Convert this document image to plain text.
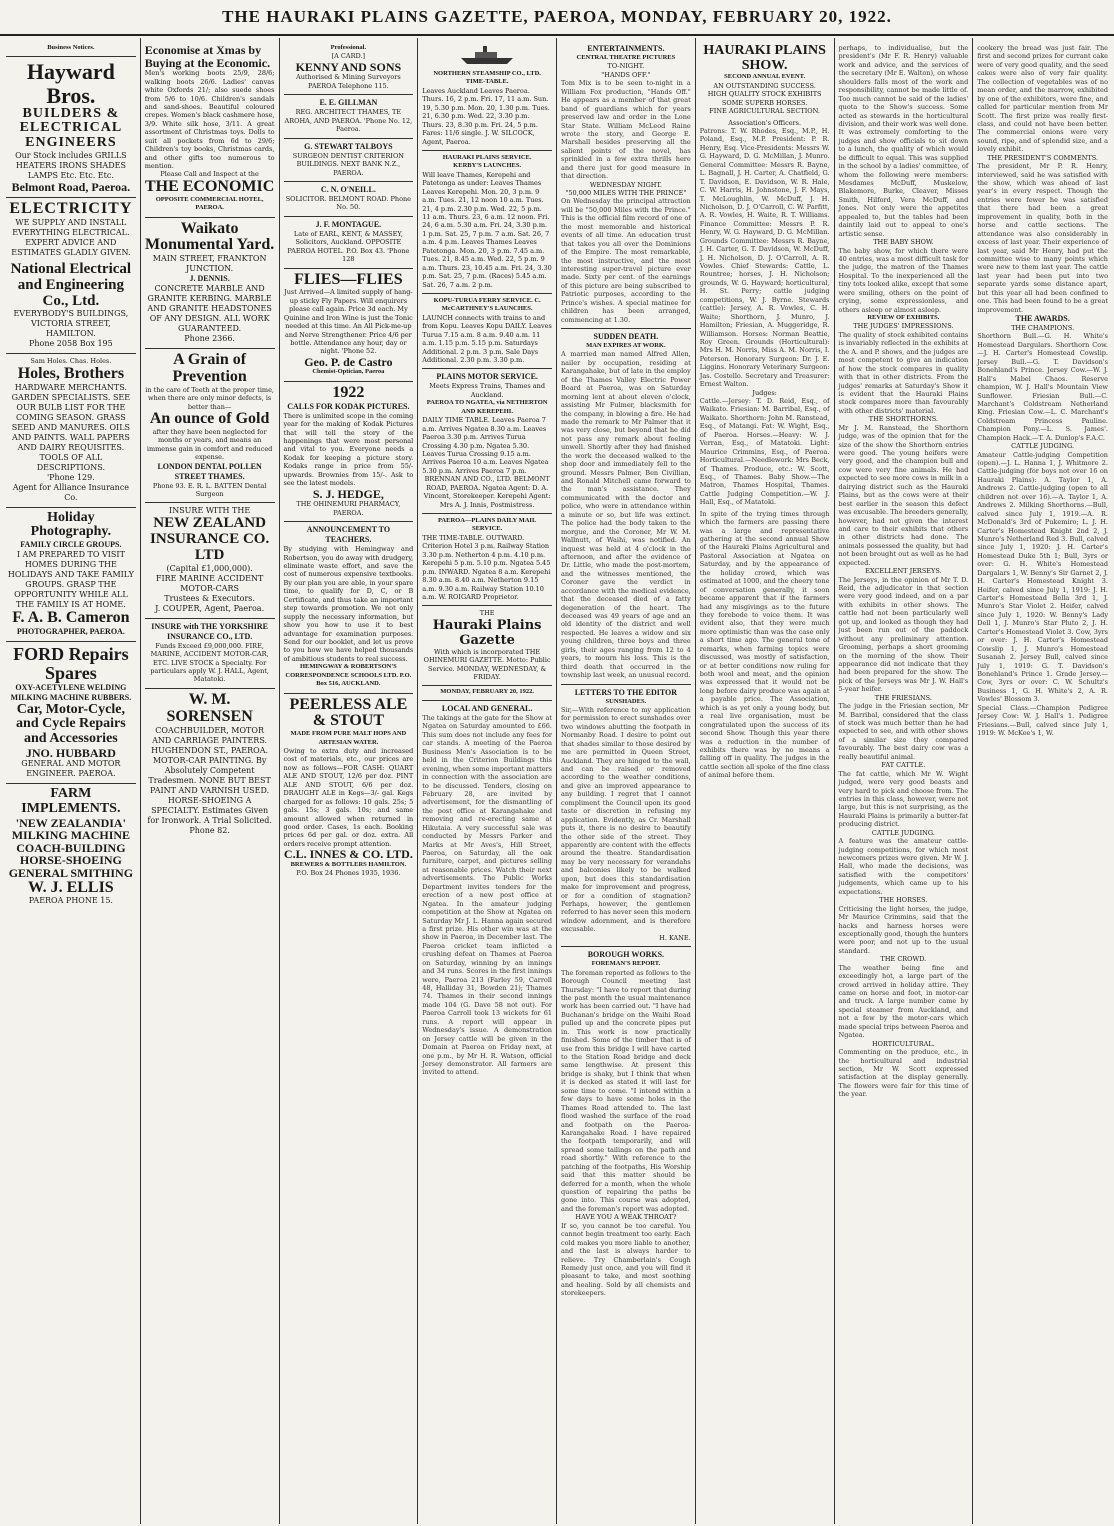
THE HAURAKI PLAINS GAZETTE, PAEROA, MONDAY, FEBRUARY 20, 1922.
Business Notices.
Hayward Bros.
BUILDERS & ELECTRICAL ENGINEERS
Our Stock includes GRILLS HEATERS IRONS SHADES LAMPS Etc. Etc. Etc.
Belmont Road, Paeroa.
ELECTRICITY
WE SUPPLY AND INSTALL EVERYTHING ELECTRICAL. EXPERT ADVICE AND ESTIMATES GLADLY GIVEN.
National Electrical and Engineering Co., Ltd.
EVERYBODY'S BUILDINGS, VICTORIA STREET, HAMILTON.
Phone 2058 Box 195
Sam Holes. Chas. Holes.
Holes, Brothers
HARDWARE MERCHANTS. GARDEN SPECIALISTS. SEE OUR BULB LIST FOR THE COMING SEASON. GRASS SEED AND MANURES. OILS AND PAINTS. WALL PAPERS AND DAIRY REQUISITES. TOOLS OF ALL DESCRIPTIONS.
'Phone 129.
Agent for Alliance Insurance Co.
Holiday Photography.
FAMILY CIRCLE GROUPS.
I AM PREPARED TO VISIT HOMES DURING THE HOLIDAYS AND TAKE FAMILY GROUPS. GRASP THE OPPORTUNITY WHILE ALL THE FAMILY IS AT HOME.
F. A. B. Cameron
PHOTOGRAPHER, PAEROA.
FORD Repairs Spares
OXY-ACETYLENE WELDING
MILKING MACHINE RUBBERS.
Car, Motor-Cycle, and Cycle Repairs and Accessories
JNO. HUBBARD
GENERAL AND MOTOR ENGINEER. PAEROA.
FARM IMPLEMENTS.
'NEW ZEALANDIA' MILKING MACHINE
COACH-BUILDING HORSE-SHOEING GENERAL SMITHING
W. J. ELLIS
PAEROA PHONE 15.
Economise at Xmas by Buying at the Economic.
Men's working boots 25/9, 28/6; walking boots 26/6. Ladies' canvas white Oxfords 21/; also suede shoes from 5/6 to 10/6. Children's sandals and sand-shoes. Beautiful coloured crepes. Women's black cashmere hose, 3/9. White silk hose, 3/11. A great assortment of Christmas toys. Dolls to suit all pockets from 6d to 29/6; Children's toy books, Christmas cards, and other gifts too numerous to mention.
Please Call and Inspect at the
THE ECONOMIC
OPPOSITE COMMERCIAL HOTEL, PAEROA.
Waikato Monumental Yard.
MAIN STREET, FRANKTON JUNCTION.
J. DENNIS.
CONCRETE MARBLE AND GRANITE KERBING. MARBLE AND GRANITE HEADSTONES OF ANY DESIGN. ALL WORK GUARANTEED.
Phone 2366.
A Grain of Prevention
in the care of Teeth at the proper time, when there are only minor defects, is better than—
An ounce of Gold
after they have been neglected for months or years, and means an immense gain in comfort and reduced expense.
LONDON DENTAL POLLEN STREET THAMES.
Phone 93. E. R. L. BATTEN Dental Surgeon
INSURE WITH THE
NEW ZEALAND INSURANCE CO. LTD
(Capital £1,000,000).
FIRE MARINE ACCIDENT MOTOR-CARS
Trustees & Executors.
J. COUPER, Agent, Paeroa.
INSURE with THE YORKSHIRE INSURANCE CO., LTD.
Funds Exceed £9,000,000. FIRE, MARINE, ACCIDENT MOTOR-CAR, ETC. LIVE STOCK a Specialty. For particulars apply W. J. HALL, Agent, Matatoki.
W. M. SORENSEN
COACHBUILDER, MOTOR AND CARRIAGE PAINTERS. HUGHENDON ST., PAEROA.
MOTOR-CAR PAINTING. By Absolutely Competent Tradesmen. NONE BUT BEST PAINT AND VARNISH USED. HORSE-SHOEING A SPECIALTY. Estimates Given for Ironwork. A Trial Solicited.
Phone 82.
Professional.
[A CARD.]
KENNY AND SONS
Authorised & Mining Surveyors PAEROA Telephone 115.
E. E. GILLMAN
REG. ARCHITECT THAMES, TE AROHA, AND PAEROA. 'Phone No. 12, Paeroa.
G. STEWART TALBOYS
SURGEON DENTIST CRITERION BUILDINGS. NEXT BANK N.Z., PAEROA.
C. N. O'NEILL.
SOLICITOR. BELMONT ROAD. Phone No. 50.
J. F. MONTAGUE.
Late of EARL, KENT, & MASSEY, Solicitors, Auckland. OPPOSITE PAEROA HOTEL. P.O. Box 43. 'Phone 128
FLIES—FLIES
Just Arrived—A limited supply of hang-up sticky Fly Papers. Will enquirers please call again. Price 3d each. My Quinine and Iron Wine is just the Tonic needed at this time. An All Pick-me-up and Nerve Strengthener. Price 4/6 per bottle. Attendance any hour, day or night. 'Phone 52.
Geo. P. de Castro
Chemist-Optician, Paeroa
1922
CALLS FOR KODAK PICTURES.
There is unlimited scope in the coming year for the making of Kodak Pictures that will tell the story of the happenings that were most personal and vital to you. Everyone needs a Kodak for keeping a picture story. Kodaks range in price from 55/- upwards. Brownies from 15/-. Ask to see the latest models.
S. J. HEDGE,
THE OHINEMURI PHARMACY, PAEROA.
ANNOUNCEMENT TO TEACHERS.
By studying with Hemingway and Robertson, you do away with drudgery, eliminate waste effort, and save the cost of numerous expensive textbooks. By our plan you are able, in your spare time, to qualify for D, C, or B Certificate, and thus take an important step towards promotion. We not only supply the necessary information, but show you how to use it to best advantage for examination purposes. Send for our booklet, and let us prove to you how we have helped thousands of ambitious students to real success.
HEMINGWAY & ROBERTSON'S CORRESPONDENCE SCHOOLS LTD. P.O. Box 516, AUCKLAND.
PEERLESS ALE & STOUT
MADE FROM PURE MALT HOPS AND ARTESIAN WATER.
Owing to extra duty and increased cost of materials, etc., our prices are now as follows—FOR CASH: QUART ALE AND STOUT, 12/6 per doz. PINT ALE AND STOUT, 6/6 per doz. DRAUGHT ALE in Kegs—3/- gal. Kegs charged for as follows: 10 gals. 25s; 5 gals. 15s; 3 gals. 10s; and same amount allowed when returned in good order. Cases, 1s each. Booking prices 6d per gal. or doz. extra. All orders receive prompt attention.
C.L. INNES & CO. LTD.
BREWERS & BOTTLERS HAMILTON.
P.O. Box 24 Phones 1935, 1936.
NORTHERN STEAMSHIP CO., LTD.
TIME-TABLE.
Leaves Auckland Leaves Paeroa. Thurs. 16, 2 p.m. Fri. 17, 11 a.m. Sun. 19, 5.30 p.m. Mon. 20, 1.30 p.m. Tues. 21, 6.30 p.m. Wed. 22, 3.30 p.m. Thurs. 23, 8.30 p.m. Fri. 24, 5 p.m. Fares: 11/6 single. J. W. SILCOCK, Agent, Paeroa.
HAURAKI PLAINS SERVICE.
KERBY'S LAUNCHES.
Will leave Thames, Kerepehi and Patetonga as under: Leaves Thames Leaves Kerepehi. Mon. 20, 3 p.m. 9 a.m. Tues. 21, 12 noon 10 a.m. Tues. 21, 4 p.m. 2.30 p.m. Wed. 22, 5 p.m. 11 a.m. Thurs. 23, 6 a.m. 12 noon. Fri. 24, 6 a.m. 5.30 a.m. Fri. 24, 3.30 p.m. 1 p.m. Sat. 25, 7 p.m. 7 a.m. Sat. 26, 7 a.m. 4 p.m. Leaves Thames Leaves Patetonga. Mon. 20, 3 p.m. 7.45 a.m. Tues. 21, 8.45 a.m. Wed. 22, 5 p.m. 9 a.m. Thurs. 23, 10.45 a.m. Fri. 24, 3.30 p.m. Sat. 25, 7 p.m. (Races) 5.45 a.m. Sat. 26, 7 a.m. 2 p.m.
KOPU-TURUA FERRY SERVICE. C. McCARTHNEY'S LAUNCHES.
LAUNCH connects with trains to and from Kopu. Leaves Kopu DAILY. Leaves Turua 7.15 a.m. 8 a.m. 9.40 a.m. 11 a.m. 1.15 p.m. 5.15 p.m. Saturdays Additional. 2 p.m. 3 p.m. Sale Days Additional. 2.30 p.m. 3.30 p.m.
PLAINS MOTOR SERVICE.
Meets Express Trains, Thames and Auckland.
PAEROA TO NGATEA, via NETHERTON AND KEREPEHI.
DAILY TIME TABLE. Leaves Paeroa 7 a.m. Arrives Ngatea 8.30 a.m. Leaves Paeroa 3.30 p.m. Arrives Turua Crossing 4.30 p.m. Ngatea 5.30. Leaves Turua Crossing 9.15 a.m. Arrives Paeroa 10 a.m. Leaves Ngatea 5.30 p.m. Arrives Paeroa 7 p.m.
BRENNAN AND CO., LTD. BELMONT ROAD, PAEROA. Ngatea Agent: D. A. Vincent, Storekeeper. Kerepehi Agent: Mrs A. J. Innis, Postmistress.
PAEROA—PLAINS DAILY MAIL SERVICE.
THE TIME-TABLE. OUTWARD. Criterion Hotel 3 p.m. Railway Station 3.30 p.m. Netherton 4 p.m. 4.10 p.m. Kerepehi 5 p.m. 5.10 p.m. Ngatea 5.45 p.m. INWARD. Ngatea 8 a.m. Kerepehi 8.30 a.m. 8.40 a.m. Netherton 9.15 a.m. 9.30 a.m. Railway Station 10.10 a.m. W. ROIGARD Proprietor.
THE
Hauraki Plains Gazette
With which is incorporated THE OHINEMURI GAZETTE. Motto: Public Service. MONDAY, WEDNESDAY, & FRIDAY.
MONDAY, FEBRUARY 20, 1922.
LOCAL AND GENERAL.
The takings at the gate for the Show at Ngatea on Saturday amounted to £66. This sum does not include any fees for car stands. A meeting of the Paeroa Business Men's Association is to be held in the Criterion Buildings this evening, when some important matters in connection with the association are to be discussed. Tenders, closing on February 28, are invited by advertisement, for the dismantling of the post office at Karangahake and removing and re-erecting same at Hikutaia. A very successful sale was conducted by Messrs Parker and Marks at Mr Aves's, Hill Street, Paeroa, on Saturday, all the oak furniture, carpet, and pictures selling at reasonable prices. Watch their next advertisements. The Public Works Department invites tenders for the erection of a new post office at Ngatea. In the amateur judging competition at the Show at Ngatea on Saturday Mr J. L. Hanna again secured a first prize. His other win was at the show in Paeroa, in December last. The Paeroa cricket team inflicted a crushing defeat on Thames at Paeroa on Saturday, winning by an innings and 34 runs. Scores in the first innings were, Paeroa 213 (Farley 59, Carroll 48, Halliday 31, Bowden 21); Thames 74. Thames in their second innings made 104 (G. Dave 58 not out). For Paeroa Carroll took 13 wickets for 61 runs. A report will appear in Wednesday's issue. A demonstration on Jersey cattle will be given in the Domain at Paeroa on Friday next, at one p.m., by Mr H. R. Watson, official Jersey demonstrator. All farmers are invited to attend.
ENTERTAINMENTS.
CENTRAL THEATRE PICTURES
TO-NIGHT.
"HANDS OFF."
Tom Mix is to be seen to-night in a William Fox production, "Hands Off." He appears as a member of that great band of guardians which for years preserved law and order in the Lone Star State. William McLeod Raine wrote the story, and George E. Marshall besides preserving all the salient points of the novel, has sprinkled in a few extra thrills here and there just for good measure in that direction.
WEDNESDAY NIGHT.
"50,000 MILES WITH THE PRINCE"
On Wednesday the principal attraction will be "50,000 Miles with the Prince." This is the official film record of one of the most memorable and historical events of all time. An education trust that takes you all over the Dominions of the Empire. The most remarkable, the most instructive, and the most interesting super-travel picture ever made. Sixty per cent. of the earnings of this picture are being subscribed to Patriotic purposes, according to the Prince's wishes. A special matinee for children has been arranged, commencing at 1.30.
SUDDEN DEATH.
MAN EXPIRES AT WORK.
A married man named Alfred Allen, nailer by occupation, residing at Karangahake, but of late in the employ of the Thames Valley Electric Power Board at Paeroa, was on Saturday morning lent at about eleven o'clock, assisting Mr Fulmer, blacksmith for the company, in blowing a fire. He had made the remark to Mr Palmer that it was very close, but beyond that he did not pass any remark about feeling unwell. Shortly after they had finished the work the deceased walked to the shop door and immediately fell to the ground. Messrs Palmer, Ben Civillian, and Ronald Mitchell came forward to the man's assistance. They communicated with the doctor and police, who were in attendance within a minute or so, but life was extinct. The police had the body taken to the morgue, and the Coroner, Mr W. M. Wallnutt, of Waihi, was notified. An inquest was held at 4 o'clock in the afternoon, and after the evidence of Dr. Little, who made the post-mortem, and the witnesses mentioned, the Coroner gave the verdict in accordance with the medical evidence, that the deceased died of a fatty degeneration of the heart. The deceased was 49 years of age and an old identity of the district and well respected. He leaves a widow and six young children, three boys and three girls, their ages ranging from 12 to 4 years, to mourn his loss. This is the third death that occurred in the township last week, an unusual record.
LETTERS TO THE EDITOR
SUNSHADES.
Sir,—With reference to my application for permission to erect sunshades over two windows abutting the footpath in Normanby Road. I desire to point out that shades similar to those desired by me are permitted in Queen Street, Auckland. They are hinged to the wall, and can be raised or removed according to the weather conditions, and give an improved appearance to any building. I regret that I cannot compliment the Council upon its good taste or discretion in refusing my application. Evidently, as Cr. Marshall puts it, there is no desire to beautify the other side of the street. They apparently are content with the effects around the theatre. Standardisation may be very necessary for verandahs and balconies likely to be walked upon, but does this standardisation make for improvement and progress, or for a condition of stagnation? Perhaps, however, the gentlemen referred to has never seen this modern window adornment, and is therefore excusable.
H. KANE.
BOROUGH WORKS.
FOREMAN'S REPORT.
The foreman reported as follows to the Borough Council meeting last Thursday: "I have to report that during the past month the usual maintenance work has been carried out. "I have had Buchanan's bridge on the Waihi Road pulled up and the concrete pipes put in. This work is now practically finished. Some of the timber that is of use from this bridge I will have carted to the Station Road bridge and deck same lengthwise. At present this bridge is shaky, but I think that when it is decked as stated it will last for some time to come. "I intend within a few days to have some holes in the Thames Road attended to. The last flood washed the surface of the road and footpath on the Paeroa-Karangahake Road. I have repaired the footpath temporarily, and will spread some tailings on the path and road shortly." With reference to the patching of the footpaths, His Worship said that this matter should be deferred for a month, when the whole question of repairing the paths be gone into. This course was adopted, and the foreman's report was adopted.
HAVE YOU A WEAK THROAT?
If so, you cannot be too careful. You cannot begin treatment too early. Each cold makes you more liable to another, and the last is always harder to relieve. Try Chamberlain's Cough Remedy just once, and you will find it pleasant to take, and most soothing and healing. Sold by all chemists and storekeepers.
HAURAKI PLAINS SHOW.
SECOND ANNUAL EVENT.
AN OUTSTANDING SUCCESS.
HIGH QUALITY STOCK EXHIBITS
SOME SUPERB HORSES.
FINE AGRICULTURAL SECTION.
Association's Officers.
Patrons: T. W. Rhodes, Esq., M.P., H. Poland, Esq., M.P. President: P. R. Henry, Esq. Vice-Presidents: Messrs W. G. Hayward, D. G. McMillan, J. Munro. General Committee: Messrs R. Bayne, L. Bagnall, J. H. Carter, A. Chatfield, G. T. Davidson, E. Davidson, W. R. Hale, C. W. Harris, H. Johnstone, J. F. Mays, T. McLoughlin, W. McDuff, J. H. Nicholson, D. J. O'Carroll, C. W. Parfitt, A. R. Vowles, H. Waite, R. T. Williams. Finance Committee: Messrs P. R. Henry, W. G. Hayward, D. G. McMillan. Grounds Committee: Messrs R. Bayne, J. H. Carter, G. T. Davidson, W. McDuff, J. H. Nicholson, D. J. O'Carroll, A. R. Vowles. Chief Stewards: Cattle, L. Rountree; horses, J. H. Nicholson; grounds, W. G. Hayward; horticultural, H. St. Perry; cattle judging competitions, W. J. Byrne. Stewards (cattle): Jersey, A. R. Vowles, C. H. Waite; Shorthorn, J. Munro, J. Hamilton; Friesian, A. Muggeridge, R. Williamson. Horses: Norman Beattie, Roy Green. Grounds (Horticultural): Mrs H. M. Norris, Miss A. M. Norris, I. Peterson. Honorary Surgeon: Dr. J. E. Liggins. Honorary Veterinary Surgeon: Jas. Costello. Secretary and Treasurer: Ernest Walton.
Judges:
Cattle.—Jersey: T. D. Reid, Esq., of Waikato. Friesian: M. Barribal, Esq., of Waikato. Shorthorn: John M. Ranstead, Esq., of Matangi. Fat: W. Wight, Esq., of Paeroa. Horses.—Heavy: W. J. Verran, Esq., of Matatoki. Light: Maurice Crimmins, Esq., of Paeroa. Horticultural.—Needlework: Mrs Beck, of Thames. Produce, etc.: W. Scott, Esq., of Thames. Baby Show.—The Matron, Thames Hospital, Thames. Cattle Judging Competition.—W. J. Hall, Esq., of Matatoki.
In spite of the trying times through which the farmers are passing there was a large and representative gathering at the second annual Show of the Hauraki Plains Agricultural and Pastoral Association at Ngatea on Saturday, and by the appearance of the holiday crowd, which was estimated at 1000, and the cheery tone of conversation generally, it soon became apparent that if the farmers had any misgivings as to the future they forebode to voice them. It was evident also, that they were much more optimistic than was the case only a short time ago. The general tone of remarks, when farming topics were discussed, was mostly of satisfaction, or at better conditions now ruling for both wool and meat, and the opinion was expressed that it would not be long before dairy produce was again at a payable price. The Association, which is as yet only a young body, but a real live organisation, must be congratulated upon the success of its second Show. Though this year there was a reduction in the number of exhibits there was by no means a falling off in quality. The judges in the cattle section all spoke of the fine class of animal before them.
perhaps, to individualise, but the president's (Mr F. R. Henry) valuable work and advice, and the services of the secretary (Mr E. Walton), on whose shoulders falls most of the work and responsibility, cannot be made little of. Too much cannot be said of the ladies' quota to the Show's success. Some acted as stewards in the horticultural division, and their work was well done. It was extremely comforting to the judges and show officials to sit down to a lunch, the quality of which would be difficult to equal. This was supplied in the school by a ladies' committee, of whom the following were members: Mesdames McDuff, Muskelow, Blakemore, Burke, Cleaver, Misses Smith, Hilford, Vera McDuff, and Jones. Not only were the appetites appealed to, but the tables had been daintily laid out to appeal to one's artistic sense.
THE BABY SHOW.
The baby show, for which there were 40 entries, was a most difficult task for the judge, the matron of the Thames Hospital. To the inexperienced all the tiny tots looked alike, except that some were smiling, others on the point of crying, some expressionless, and others asleep or almost asleep.
REVIEW OF EXHIBITS.
THE JUDGES' IMPRESSIONS.
The quality of stock exhibited contains is invariably reflected in the exhibits at the A. and P. shows, and the judges are most competent to give an indication of how the stock compares in quality with that in other districts. From the judges' remarks at Saturday's Show it is evident that the Hauraki Plains stock compares more than favourably with other districts' material.
THE SHORTHORNS.
Mr J. M. Ranstead, the Shorthorn judge, was of the opinion that for the size of the show the Shorthorn entries were good. The young heifers were very good, and the champion bull and cow were very fine animals. He had expected to see more cows in milk in a dairying district such as the Hauraki Plains, but as the cows were at their best earlier in the season this defect was excusable. The breeders generally, however, had not given the interest and care to their exhibits that others in other districts had done. The animals possessed the quality, but had not been brought out as well as he had expected.
EXCELLENT JERSEYS.
The Jerseys, in the opinion of Mr T. D. Reid, the adjudicator in that section were very good indeed, and on a par with exhibits in other shows. The cattle had not been particularly well got up, and looked as though they had just been run out of the paddock without any preliminary attention. Grooming, perhaps a short grooming on the morning of the show. Their appearance did not indicate that they had been prepared for the show. The pick of the Jerseys was Mr J. W. Hall's 5-year heifer.
THE FRIESIANS.
The judge in the Friesian section, Mr M. Barribal, considered that the class of stock was much better than he had expected to see, and with other shows of a similar size they compared favourably. The best dairy cow was a really beautiful animal.
FAT CATTLE.
The fat cattle, which Mr W. Wight judged, were very good beasts and very hard to pick and choose from. The entries in this class, however, were not large, but this is not surprising, as the Hauraki Plains is primarily a butter-fat producing district.
CATTLE JUDGING.
A feature was the amateur cattle-judging competitions, for which most newcomers prizes were given. Mr W. J. Hall, who made the decisions, was satisfied with the competitors' judgements, which came up to his expectations.
THE HORSES.
Criticising the light horses, the judge, Mr Maurice Crimmins, said that the hacks and harness horses were exceptionally good, though the hunters were poor, and not up to the usual standard.
THE CROWD.
The weather being fine and exceedingly hot, a large part of the crowd arrived in holiday attire. They came on horse and foot, in motor-car and truck. A large number came by special steamer from Auckland, and not a few by the motor-cars which made special trips between Paeroa and Ngatea.
HORTICULTURAL.
Commenting on the produce, etc., in the horticultural and industrial section, Mr W. Scott expressed satisfaction at the display generally. The flowers were fair for this time of the year.
cookery the bread was just fair. The first and second prizes for currant cake were of very good quality, and the seed cakes were also of very fair quality. The collection of vegetables was of no mean order, and the marrow, exhibited by one of the exhibitors, were fine, and called for particular mention from Mr Scott. The first prize was really first-class, and could not have been better. The commercial onions were very sound, ripe, and of splendid size, and a lovely exhibit.
THE PRESIDENT'S COMMENTS.
The president, Mr P. R. Henry, interviewed, said he was satisfied with the show, which was ahead of last year's in every respect. Though the entries were fewer he was satisfied that there had been a great improvement in quality, both in the horse and cattle sections. The attendance was also considerably in excess of last year. Their experience of last year, said Mr Henry, had put the committee wise to many points which were new to them last year. The cattle last year had been put into two separate yards some distance apart, but this year all had been confined to one. This had been found to be a great improvement.
THE AWARDS.
THE CHAMPIONS.
Shorthorn Bull.—G. H. White's Homestead Dargulars. Shorthorn Cow.—J. H. Carter's Homestead Cowslip. Jersey Bull.—G. T. Davidson's Bonehland's Prince. Jersey Cow.—W. J. Hall's Mabel Chaos. Reserve champion, W. J. Hall's Mountain View Sunflower. Friesian Bull.—C. Marchant's Coldstream Netherland King. Friesian Cow.—L. C. Marchant's Coldstream Princess Pauline. Champion Pony.—L. S. James'. Champion Hack.—T. A. Dunlop's F.A.C.
CATTLE JUDGING.
Amateur Cattle-judging Competition (open).—J. L. Hanna 1, J. Whitmore 2. Cattle-judging (for boys not over 16 on Hauraki Plains): A. Taylor 1, A. Andrews 2. Cattle-judging (open to all children not over 16).—A. Taylor 1, A. Andrews 2. Milking Shorthorns.—Bull, calved since July 1, 1919.—A. R. McDonald's 3rd of Pukemiro; L. J. H. Carter's Homestead Knight 2nd 2, J. Munro's Netherland Red 3. Bull, calved since July 1, 1920: J. H. Carter's Homestead Duke 5th 1; Bull, 3yrs or over: G. H. White's Homestead Dargalars 1, W. Benny's Sir Garnet 2, J. H. Carter's Homestead Knight 3. Heifer, calved since July 1, 1919: J. H. Carter's Homestead Bella 3rd 1, J. Munro's Star Violet 2. Heifer, calved since July 1, 1920: W. Benny's Lady Dell 1, J. Munro's Star Pluto 2, J. H. Carter's Homestead Violet 3. Cow, 3yrs or over: J. H. Carter's Homestead Cowslip 1, J. Munro's Homestead Susanah 2. Jersey Bull, calved since July 1, 1919: G. T. Davidson's Bonehland's Prince 1. Grade Jersey.—Cow, 3yrs or over: C. W. Schultz's Business 1, G. H. White's 2, A. R. Vowles' Blossom 3.
Special Class.—Champion Pedigree Jersey Cow: W. J. Hall's 1. Pedigree Friesians.—Bull, calved since July 1, 1919: W. McKee's 1, W.
